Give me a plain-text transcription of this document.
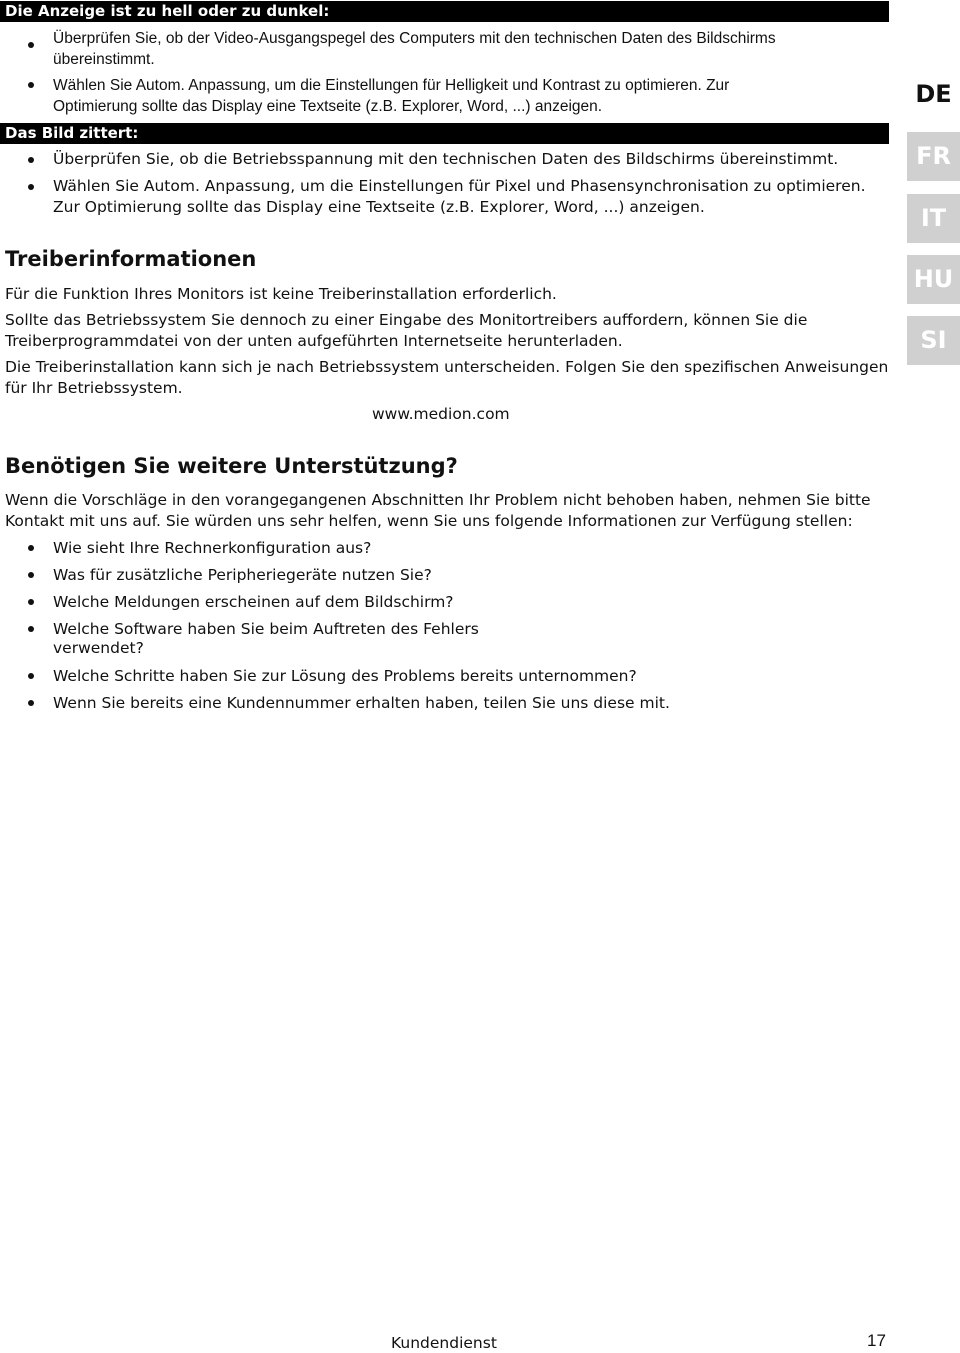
Die Anzeige ist zu hell oder zu dunkel:

Überprüfen Sie, ob der Video-Ausgangspegel des Computers mit den technischen Daten des Bildschirms

übereinstimmt.

Wählen Sie Autom. Anpassung, um die Einstellungen für Helligkeit und Kontrast zu optimieren. Zur

Optimierung sollte das Display eine Textseite (z.B. Explorer, Word, ...) anzeigen.

Das Bild zittert:

Überprüfen Sie, ob die Betriebsspannung mit den technischen Daten des Bildschirms übereinstimmt.

Wählen Sie Autom. Anpassung, um die Einstellungen für Pixel und Phasensynchronisation zu optimieren.

Zur Optimierung sollte das Display eine Textseite (z.B. Explorer, Word, ...) anzeigen.

Treiberinformationen

Für die Funktion Ihres Monitors ist keine Treiberinstallation erforderlich.

Sollte das Betriebssystem Sie dennoch zu einer Eingabe des Monitortreibers auffordern, können Sie die

Treiberprogrammdatei von der unten aufgeführten Internetseite herunterladen.

Die Treiberinstallation kann sich je nach Betriebssystem unterscheiden. Folgen Sie den spezifischen Anweisungen

für Ihr Betriebssystem.

www.medion.com

Benötigen Sie weitere Unterstützung?

Wenn die Vorschläge in den vorangegangenen Abschnitten Ihr Problem nicht behoben haben, nehmen Sie bitte

Kontakt mit uns auf. Sie würden uns sehr helfen, wenn Sie uns folgende Informationen zur Verfügung stellen:

Wie sieht Ihre Rechnerkonfiguration aus?

Was für zusätzliche Peripheriegeräte nutzen Sie?

Welche Meldungen erscheinen auf dem Bildschirm?

Welche Software haben Sie beim Auftreten des Fehlers

verwendet?

Welche Schritte haben Sie zur Lösung des Problems bereits unternommen?

Wenn Sie bereits eine Kundennummer erhalten haben, teilen Sie uns diese mit.

DE
FR
IT
HU
SI
Kundendienst	17
